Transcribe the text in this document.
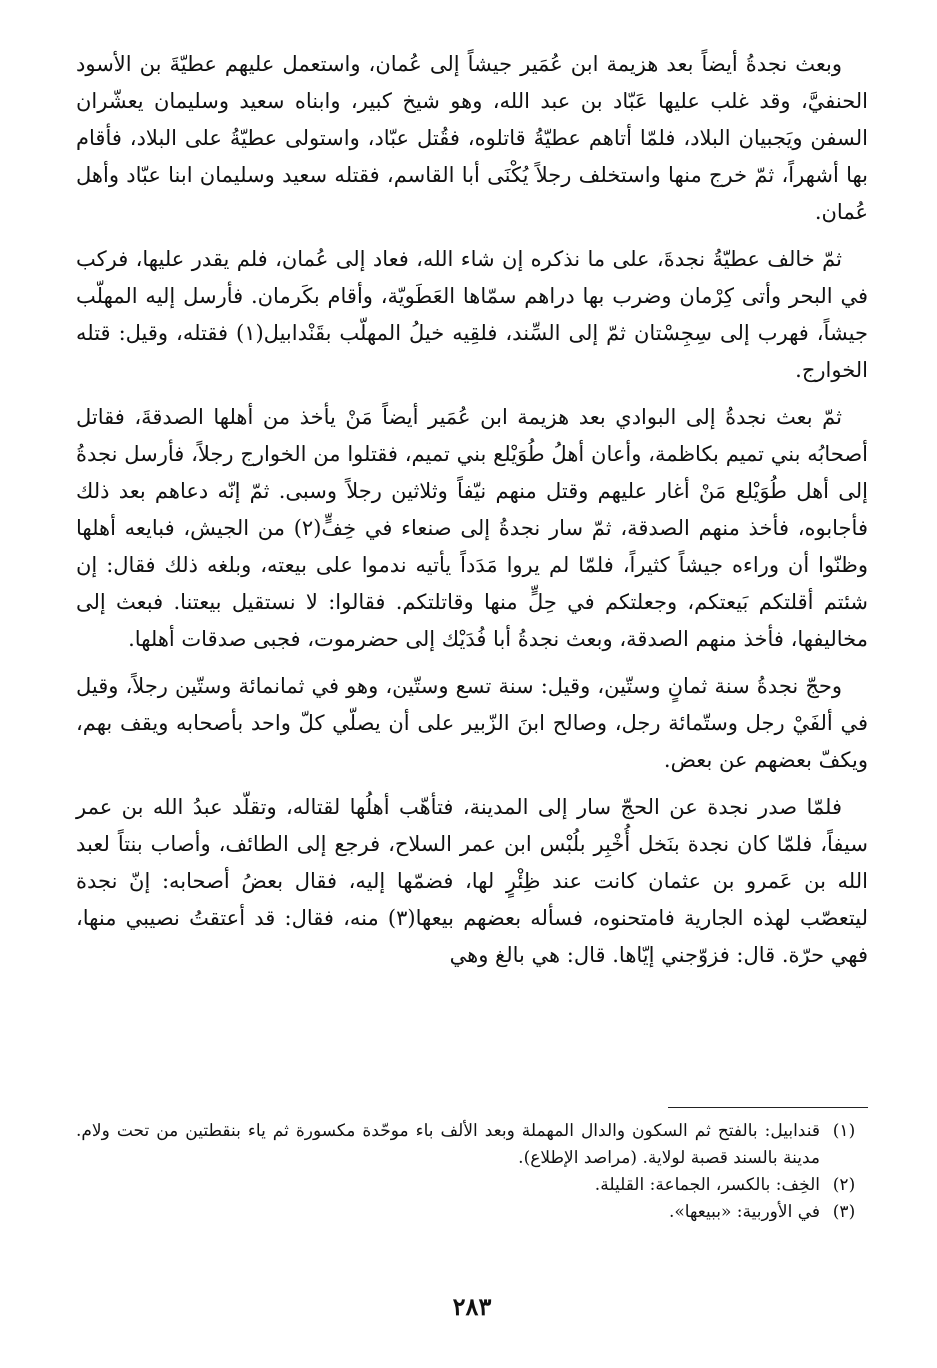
وبعث نجدةُ أيضاً بعد هزيمة ابن عُمَير جيشاً إلى عُمان، واستعمل عليهم عطيّةَ بن الأسود الحنفيَّ، وقد غلب عليها عَبّاد بن عبد الله، وهو شيخ كبير، وابناه سعيد وسليمان يعشّران السفن ويَجبيان البلاد، فلمّا أتاهم عطيّةُ قاتلوه، فقُتل عبّاد، واستولى عطيّةُ على البلاد، فأقام بها أشهراً، ثمّ خرج منها واستخلف رجلاً يُكْنَى أبا القاسم، فقتله سعيد وسليمان ابنا عبّاد وأهل عُمان.

ثمّ خالف عطيّةُ نجدةَ، على ما نذكره إن شاء الله، فعاد إلى عُمان، فلم يقدر عليها، فركب في البحر وأتى كِرْمان وضرب بها دراهم سمّاها العَطَويّة، وأقام بكَرمان. فأرسل إليه المهلّب جيشاً، فهرب إلى سِجِسْتان ثمّ إلى السِّند، فلقِيه خيلُ المهلّب بقَنْدابيل(١) فقتله، وقيل: قتله الخوارج.

ثمّ بعث نجدةُ إلى البوادي بعد هزيمة ابن عُمَير أيضاً مَنْ يأخذ من أهلها الصدقةَ، فقاتل أصحابُه بني تميم بكاظمة، وأعان أهلُ طُوَيْلع بني تميم، فقتلوا من الخوارج رجلاً، فأرسل نجدةُ إلى أهل طُوَيْلع مَنْ أغار عليهم وقتل منهم نيّفاً وثلاثين رجلاً وسبى. ثمّ إنّه دعاهم بعد ذلك فأجابوه، فأخذ منهم الصدقة، ثمّ سار نجدةُ إلى صنعاء في خِفٍّ(٢) من الجيش، فبايعه أهلها وظنّوا أن وراءه جيشاً كثيراً، فلمّا لم يروا مَدَداً يأتيه ندموا على بيعته، وبلغه ذلك فقال: إن شئتم أقلتكم بَيعتكم، وجعلتكم في حِلٍّ منها وقاتلتكم. فقالوا: لا نستقيل بيعتنا. فبعث إلى مخاليفها، فأخذ منهم الصدقة، وبعث نجدةُ أبا فُدَيْك إلى حضرموت، فجبى صدقات أهلها.

وحجّ نجدةُ سنة ثمانٍ وستّين، وقيل: سنة تسع وستّين، وهو في ثمانمائة وستّين رجلاً، وقيل في ألفَيْ رجل وستّمائة رجل، وصالح ابنَ الزّبير على أن يصلّي كلّ واحد بأصحابه ويقف بهم، ويكفّ بعضهم عن بعض.

فلمّا صدر نجدة عن الحجّ سار إلى المدينة، فتأهّب أهلُها لقتاله، وتقلّد عبدُ الله بن عمر سيفاً، فلمّا كان نجدة بنَخل أُخْبِر بلُبْس ابن عمر السلاح، فرجع إلى الطائف، وأصاب بنتاً لعبد الله بن عَمرو بن عثمان كانت عند ظِئْرٍ لها، فضمّها إليه، فقال بعضُ أصحابه: إنّ نجدة ليتعصّب لهذه الجارية فامتحنوه، فسأله بعضهم بيعها(٣) منه، فقال: قد أعتقتُ نصيبي منها، فهي حرّة. قال: فزوّجني إيّاها. قال: هي بالغ وهي

(١)
قندابيل: بالفتح ثم السكون والدال المهملة وبعد الألف باء موحّدة مكسورة ثم ياء بنقطتين من تحت ولام. مدينة بالسند قصبة لولاية. (مراصد الإطلاع).
(٢)
الخِف: بالكسر، الجماعة: القليلة.
(٣)
في الأوربية: «ببيعها».
٢٨٣
